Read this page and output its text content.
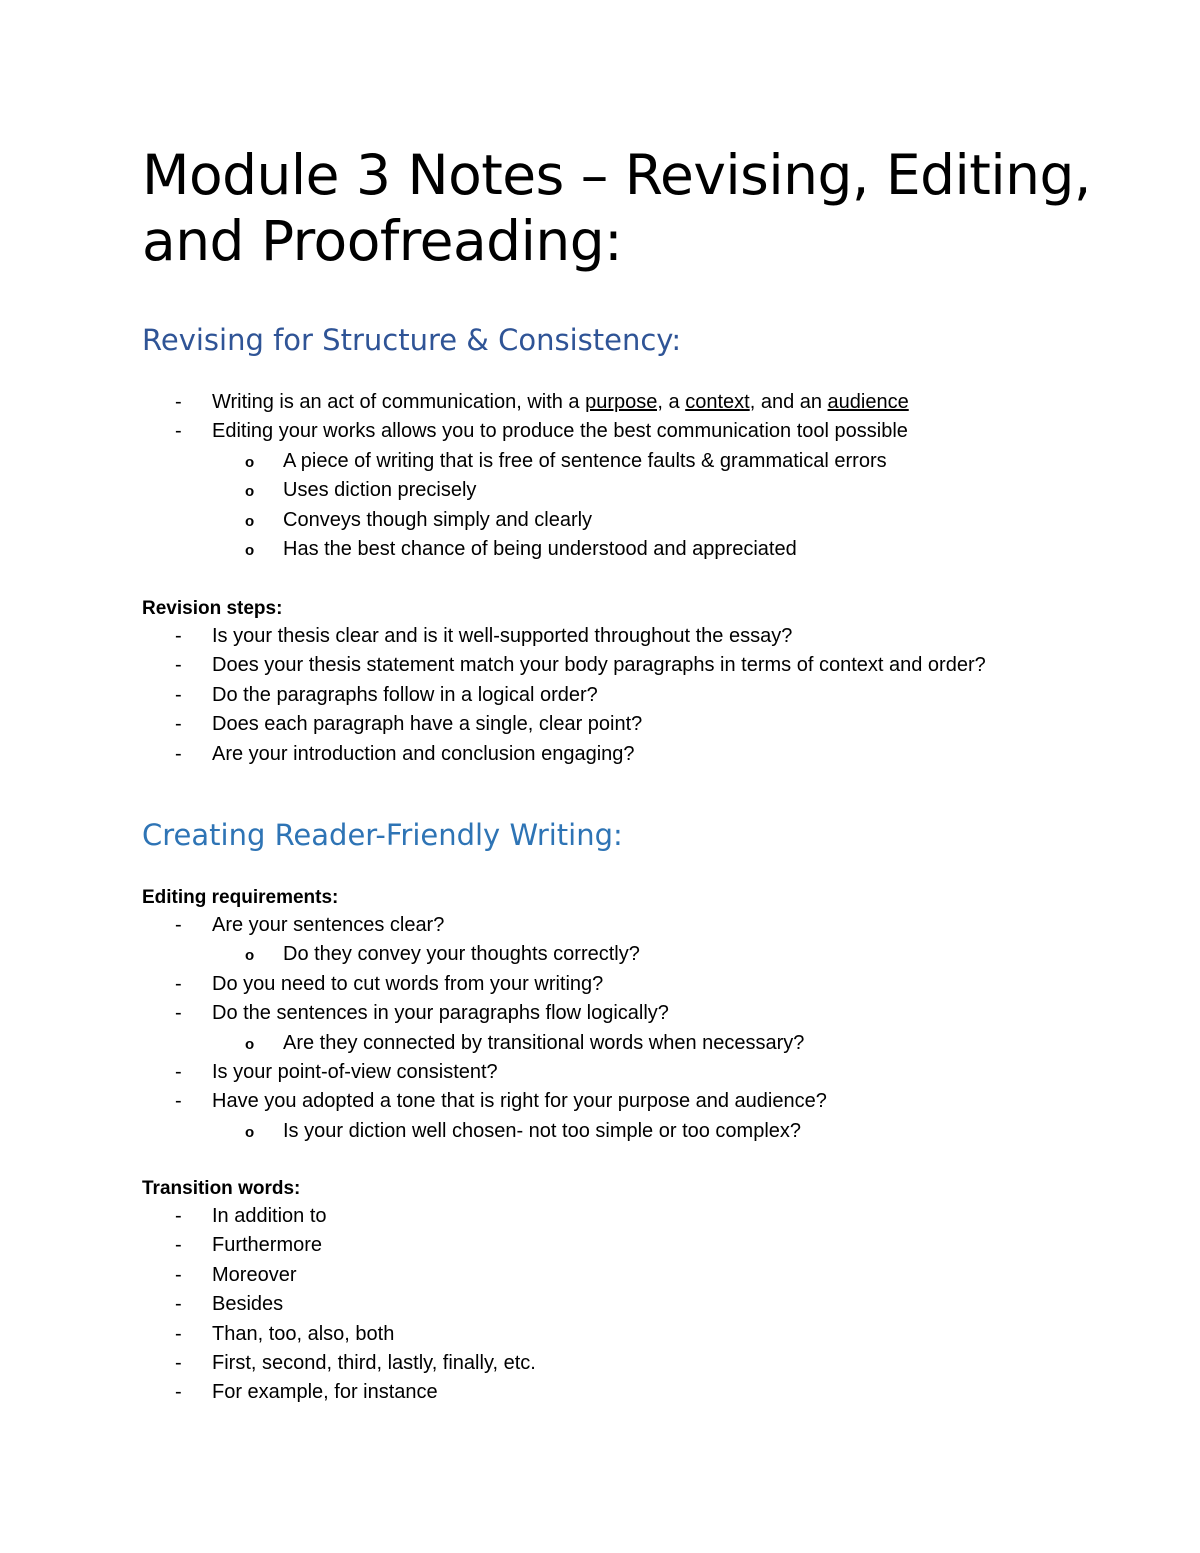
Module 3 Notes – Revising, Editing, and Proofreading:
Revising for Structure & Consistency:
- Writing is an act of communication, with a purpose, a context, and an audience
- Editing your works allows you to produce the best communication tool possible
o A piece of writing that is free of sentence faults & grammatical errors
o Uses diction precisely
o Conveys though simply and clearly
o Has the best chance of being understood and appreciated

Revision steps:

- Is your thesis clear and is it well-supported throughout the essay?
- Does your thesis statement match your body paragraphs in terms of context and order?
- Do the paragraphs follow in a logical order?
- Does each paragraph have a single, clear point?
- Are your introduction and conclusion engaging?
Creating Reader-Friendly Writing:

Editing requirements:

- Are your sentences clear?
o Do they convey your thoughts correctly?
- Do you need to cut words from your writing?
- Do the sentences in your paragraphs flow logically?
o Are they connected by transitional words when necessary?
- Is your point-of-view consistent?
- Have you adopted a tone that is right for your purpose and audience?
o Is your diction well chosen- not too simple or too complex?

Transition words:

- In addition to
- Furthermore
- Moreover
- Besides
- Than, too, also, both
- First, second, third, lastly, finally, etc.
- For example, for instance
